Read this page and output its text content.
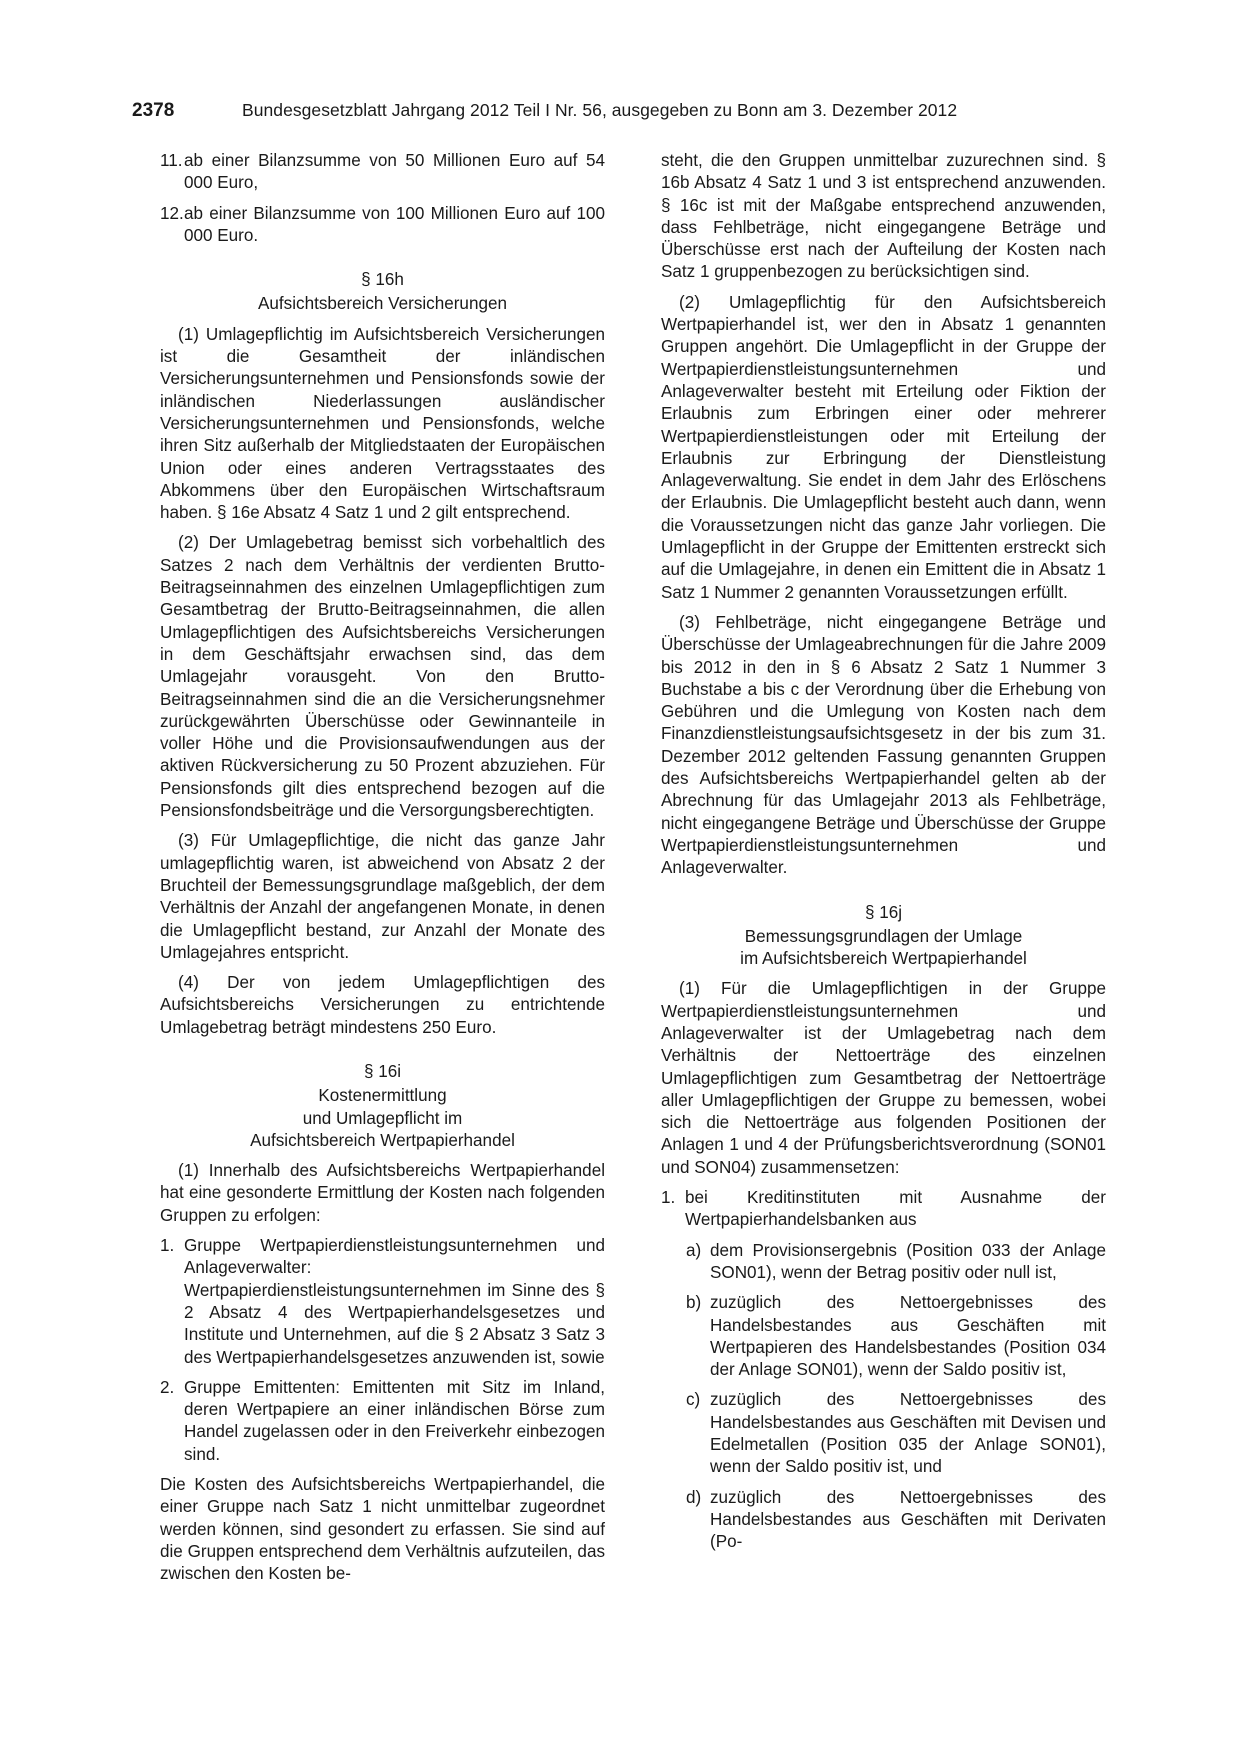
2378	Bundesgesetzblatt Jahrgang 2012 Teil I Nr. 56, ausgegeben zu Bonn am 3. Dezember 2012
11. ab einer Bilanzsumme von 50 Millionen Euro auf 54 000 Euro,
12. ab einer Bilanzsumme von 100 Millionen Euro auf 100 000 Euro.
§ 16h
Aufsichtsbereich Versicherungen

(1) Umlagepflichtig im Aufsichtsbereich Versicherungen ist die Gesamtheit der inländischen Versicherungsunternehmen und Pensionsfonds sowie der inländischen Niederlassungen ausländischer Versicherungsunternehmen und Pensionsfonds, welche ihren Sitz außerhalb der Mitgliedstaaten der Europäischen Union oder eines anderen Vertragsstaates des Abkommens über den Europäischen Wirtschaftsraum haben. § 16e Absatz 4 Satz 1 und 2 gilt entsprechend.

(2) Der Umlagebetrag bemisst sich vorbehaltlich des Satzes 2 nach dem Verhältnis der verdienten Brutto-Beitragseinnahmen des einzelnen Umlagepflichtigen zum Gesamtbetrag der Brutto-Beitragseinnahmen, die allen Umlagepflichtigen des Aufsichtsbereichs Versicherungen in dem Geschäftsjahr erwachsen sind, das dem Umlagejahr vorausgeht. Von den Brutto-Beitragseinnahmen sind die an die Versicherungsnehmer zurückgewährten Überschüsse oder Gewinnanteile in voller Höhe und die Provisionsaufwendungen aus der aktiven Rückversicherung zu 50 Prozent abzuziehen. Für Pensionsfonds gilt dies entsprechend bezogen auf die Pensionsfondsbeiträge und die Versorgungsberechtigten.

(3) Für Umlagepflichtige, die nicht das ganze Jahr umlagepflichtig waren, ist abweichend von Absatz 2 der Bruchteil der Bemessungsgrundlage maßgeblich, der dem Verhältnis der Anzahl der angefangenen Monate, in denen die Umlagepflicht bestand, zur Anzahl der Monate des Umlagejahres entspricht.

(4) Der von jedem Umlagepflichtigen des Aufsichtsbereichs Versicherungen zu entrichtende Umlagebetrag beträgt mindestens 250 Euro.

§ 16i
Kostenermittlung
und Umlagepflicht im
Aufsichtsbereich Wertpapierhandel

(1) Innerhalb des Aufsichtsbereichs Wertpapierhandel hat eine gesonderte Ermittlung der Kosten nach folgenden Gruppen zu erfolgen:

1. Gruppe Wertpapierdienstleistungsunternehmen und Anlageverwalter: Wertpapierdienstleistungsunternehmen im Sinne des § 2 Absatz 4 des Wertpapierhandelsgesetzes und Institute und Unternehmen, auf die § 2 Absatz 3 Satz 3 des Wertpapierhandelsgesetzes anzuwenden ist, sowie
2. Gruppe Emittenten: Emittenten mit Sitz im Inland, deren Wertpapiere an einer inländischen Börse zum Handel zugelassen oder in den Freiverkehr einbezogen sind.

Die Kosten des Aufsichtsbereichs Wertpapierhandel, die einer Gruppe nach Satz 1 nicht unmittelbar zugeordnet werden können, sind gesondert zu erfassen. Sie sind auf die Gruppen entsprechend dem Verhältnis aufzuteilen, das zwischen den Kosten be-

steht, die den Gruppen unmittelbar zuzurechnen sind. § 16b Absatz 4 Satz 1 und 3 ist entsprechend anzuwenden. § 16c ist mit der Maßgabe entsprechend anzuwenden, dass Fehlbeträge, nicht eingegangene Beträge und Überschüsse erst nach der Aufteilung der Kosten nach Satz 1 gruppenbezogen zu berücksichtigen sind.

(2) Umlagepflichtig für den Aufsichtsbereich Wertpapierhandel ist, wer den in Absatz 1 genannten Gruppen angehört. Die Umlagepflicht in der Gruppe der Wertpapierdienstleistungsunternehmen und Anlageverwalter besteht mit Erteilung oder Fiktion der Erlaubnis zum Erbringen einer oder mehrerer Wertpapierdienstleistungen oder mit Erteilung der Erlaubnis zur Erbringung der Dienstleistung Anlageverwaltung. Sie endet in dem Jahr des Erlöschens der Erlaubnis. Die Umlagepflicht besteht auch dann, wenn die Voraussetzungen nicht das ganze Jahr vorliegen. Die Umlagepflicht in der Gruppe der Emittenten erstreckt sich auf die Umlagejahre, in denen ein Emittent die in Absatz 1 Satz 1 Nummer 2 genannten Voraussetzungen erfüllt.

(3) Fehlbeträge, nicht eingegangene Beträge und Überschüsse der Umlageabrechnungen für die Jahre 2009 bis 2012 in den in § 6 Absatz 2 Satz 1 Nummer 3 Buchstabe a bis c der Verordnung über die Erhebung von Gebühren und die Umlegung von Kosten nach dem Finanzdienstleistungsaufsichtsgesetz in der bis zum 31. Dezember 2012 geltenden Fassung genannten Gruppen des Aufsichtsbereichs Wertpapierhandel gelten ab der Abrechnung für das Umlagejahr 2013 als Fehlbeträge, nicht eingegangene Beträge und Überschüsse der Gruppe Wertpapierdienstleistungsunternehmen und Anlageverwalter.

§ 16j
Bemessungsgrundlagen der Umlage
im Aufsichtsbereich Wertpapierhandel

(1) Für die Umlagepflichtigen in der Gruppe Wertpapierdienstleistungsunternehmen und Anlageverwalter ist der Umlagebetrag nach dem Verhältnis der Nettoerträge des einzelnen Umlagepflichtigen zum Gesamtbetrag der Nettoerträge aller Umlagepflichtigen der Gruppe zu bemessen, wobei sich die Nettoerträge aus folgenden Positionen der Anlagen 1 und 4 der Prüfungsberichtsverordnung (SON01 und SON04) zusammensetzen:

1. bei Kreditinstituten mit Ausnahme der Wertpapierhandelsbanken aus
a) dem Provisionsergebnis (Position 033 der Anlage SON01), wenn der Betrag positiv oder null ist,
b) zuzüglich des Nettoergebnisses des Handelsbestandes aus Geschäften mit Wertpapieren des Handelsbestandes (Position 034 der Anlage SON01), wenn der Saldo positiv ist,
c) zuzüglich des Nettoergebnisses des Handelsbestandes aus Geschäften mit Devisen und Edelmetallen (Position 035 der Anlage SON01), wenn der Saldo positiv ist, und
d) zuzüglich des Nettoergebnisses des Handelsbestandes aus Geschäften mit Derivaten (Po-
